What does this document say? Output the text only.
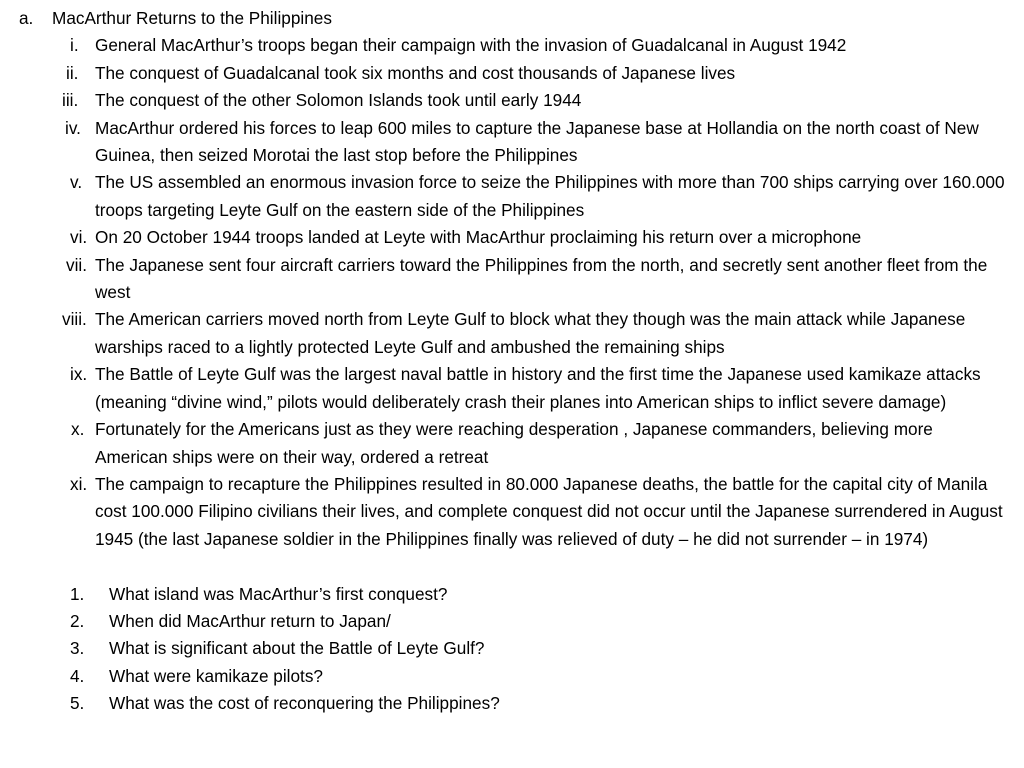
a. MacArthur Returns to the Philippines
i. General MacArthur’s troops began their campaign with the invasion of Guadalcanal in August 1942
ii. The conquest of Guadalcanal took six months and cost thousands of Japanese lives
iii. The conquest of the other Solomon Islands took until early 1944
iv. MacArthur ordered his forces to leap 600 miles to capture the Japanese base at Hollandia on the north coast of New Guinea, then seized Morotai the last stop before the Philippines
v. The US assembled an enormous invasion force to seize the Philippines with more than 700 ships carrying over 160.000 troops targeting Leyte Gulf on the eastern side of the Philippines
vi. On 20 October 1944 troops landed at Leyte with MacArthur proclaiming his return over a microphone
vii. The Japanese sent four aircraft carriers toward the Philippines from the north, and secretly sent another fleet from the west
viii. The American carriers moved north from Leyte Gulf to block what they though was the main attack while Japanese warships raced to a lightly protected Leyte Gulf and ambushed the remaining ships
ix. The Battle of Leyte Gulf was the largest naval battle in history and the first time the Japanese used kamikaze attacks (meaning “divine wind,” pilots would deliberately crash their planes into American ships to inflict severe damage)
x. Fortunately for the Americans just as they were reaching desperation , Japanese commanders, believing more American ships were on their way, ordered a retreat
xi. The campaign to recapture the Philippines resulted in 80.000 Japanese deaths, the battle for the capital city of Manila cost 100.000 Filipino civilians their lives, and complete conquest did not occur until the Japanese surrendered in August 1945 (the last Japanese soldier in the Philippines finally was relieved of duty – he did not surrender – in 1974)
1. What island was MacArthur’s first conquest?
2. When did MacArthur return to Japan/
3. What is significant about the Battle of Leyte Gulf?
4. What were kamikaze pilots?
5. What was the cost of reconquering the Philippines?
